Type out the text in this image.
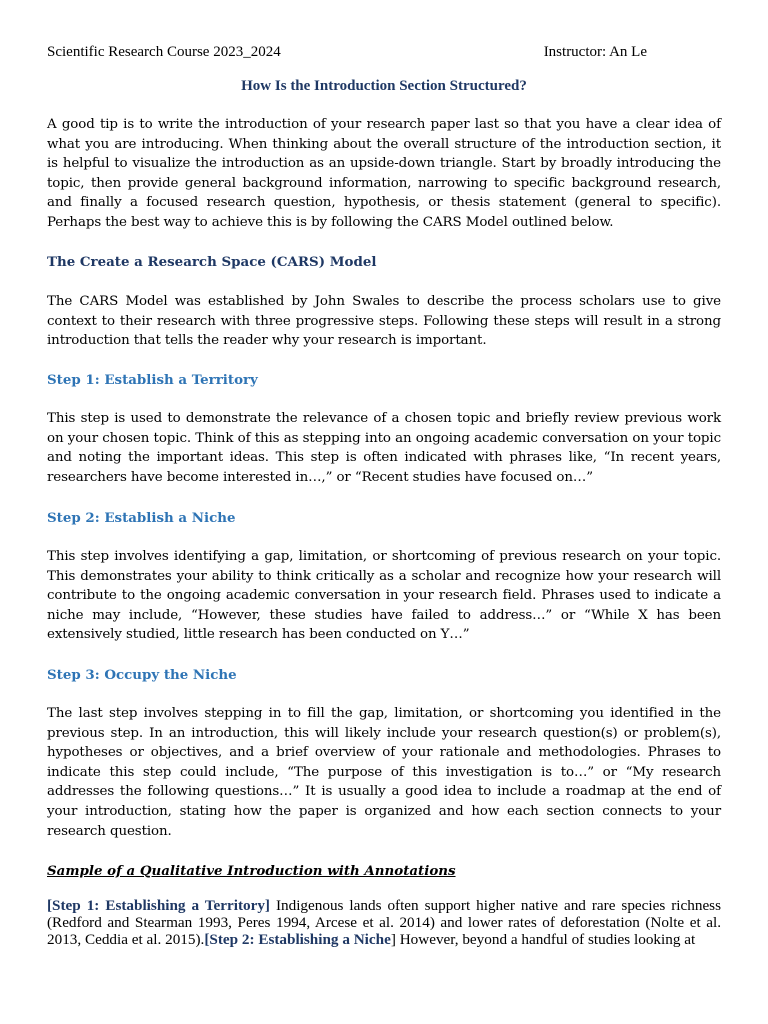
Scientific Research Course 2023_2024	Instructor: An Le
How Is the Introduction Section Structured?
A good tip is to write the introduction of your research paper last so that you have a clear idea of what you are introducing. When thinking about the overall structure of the introduction section, it is helpful to visualize the introduction as an upside-down triangle. Start by broadly introducing the topic, then provide general background information, narrowing to specific background research, and finally a focused research question, hypothesis, or thesis statement (general to specific). Perhaps the best way to achieve this is by following the CARS Model outlined below.
The Create a Research Space (CARS) Model
The CARS Model was established by John Swales to describe the process scholars use to give context to their research with three progressive steps. Following these steps will result in a strong introduction that tells the reader why your research is important.
Step 1: Establish a Territory
This step is used to demonstrate the relevance of a chosen topic and briefly review previous work on your chosen topic. Think of this as stepping into an ongoing academic conversation on your topic and noting the important ideas. This step is often indicated with phrases like, “In recent years, researchers have become interested in…,” or “Recent studies have focused on…”
Step 2: Establish a Niche
This step involves identifying a gap, limitation, or shortcoming of previous research on your topic. This demonstrates your ability to think critically as a scholar and recognize how your research will contribute to the ongoing academic conversation in your research field. Phrases used to indicate a niche may include, “However, these studies have failed to address…” or “While X has been extensively studied, little research has been conducted on Y…”
Step 3: Occupy the Niche
The last step involves stepping in to fill the gap, limitation, or shortcoming you identified in the previous step. In an introduction, this will likely include your research question(s) or problem(s), hypotheses or objectives, and a brief overview of your rationale and methodologies. Phrases to indicate this step could include, “The purpose of this investigation is to…” or “My research addresses the following questions…” It is usually a good idea to include a roadmap at the end of your introduction, stating how the paper is organized and how each section connects to your research question.
Sample of a Qualitative Introduction with Annotations
[Step 1: Establishing a Territory] Indigenous lands often support higher native and rare species richness (Redford and Stearman 1993, Peres 1994, Arcese et al. 2014) and lower rates of deforestation (Nolte et al. 2013, Ceddia et al. 2015).[Step 2: Establishing a Niche] However, beyond a handful of studies looking at
